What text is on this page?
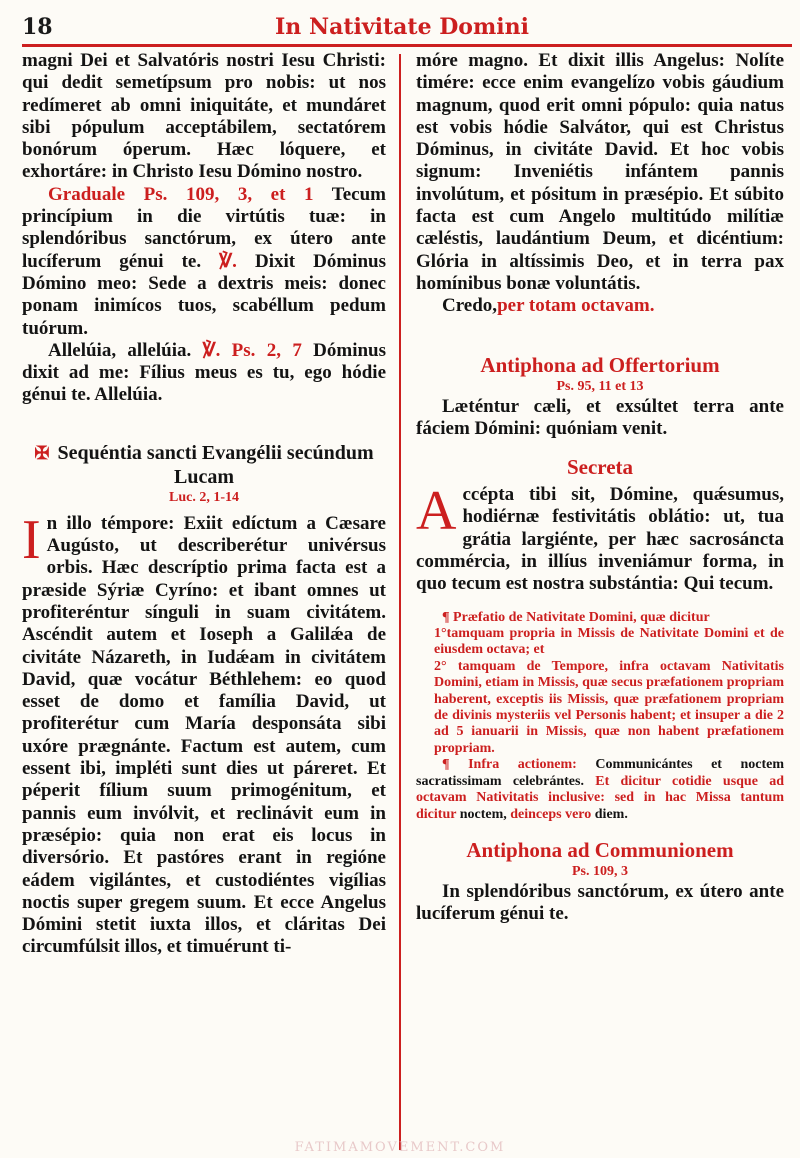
18	In Nativitate Domini

magni Dei et Salvatóris nostri Iesu Christi: qui dedit semetípsum pro nobis: ut nos redímeret ab omni iniquitáte, et mundáret sibi pópulum acceptábilem, sectatórem bonórum óperum. Hæc lóquere, et exhortáre: in Christo Iesu Dómino nostro.

Graduale Ps. 109, 3, et 1 Tecum princípium in die virtútis tuæ: in splendóribus sanctórum, ex útero ante lucíferum génui te. ℣. Dixit Dóminus Dómino meo: Sede a dextris meis: donec ponam inimícos tuos, scabéllum pedum tuórum.

Allelúia, allelúia. ℣. Ps. 2, 7 Dóminus dixit ad me: Fílius meus es tu, ego hódie génui te. Allelúia.

✠ Sequéntia sancti Evangélii secúndum Lucam
Luc. 2, 1-14

In illo témpore: Exiit edíctum a Cæsare Augústo, ut describerétur univérsus orbis. Hæc descríptio prima facta est a præside Sýriæ Cyríno: et ibant omnes ut profiteréntur sínguli in suam civitátem. Ascéndit autem et Ioseph a Galilǽa de civitáte Názareth, in Iudǽam in civitátem David, quæ vocátur Béthlehem: eo quod esset de domo et família David, ut profiterétur cum María desponsáta sibi uxóre prægnánte. Factum est autem, cum essent ibi, impléti sunt dies ut páreret. Et péperit fílium suum primogénitum, et pannis eum invólvit, et reclinávit eum in præsépio: quia non erat eis locus in diversório. Et pastóres erant in regióne eádem vigilántes, et custodiéntes vigílias noctis super gregem suum. Et ecce Angelus Dómini stetit iuxta illos, et cláritas Dei circumfúlsit illos, et timuérunt ti-

móre magno. Et dixit illis Angelus: Nolíte timére: ecce enim evangelízo vobis gáudium magnum, quod erit omni pópulo: quia natus est vobis hódie Salvátor, qui est Christus Dóminus, in civitáte David. Et hoc vobis signum: Inveniétis infántem pannis involútum, et pósitum in præsépio. Et súbito facta est cum Angelo multitúdo milítiæ cæléstis, laudántium Deum, et dicéntium: Glória in altíssimis Deo, et in terra pax homínibus bonæ voluntátis.

Credo,per totam octavam.

Antiphona ad Offertorium
Ps. 95, 11 et 13

Læténtur cæli, et exsúltet terra ante fáciem Dómini: quóniam venit.

Secreta

Accépta tibi sit, Dómine, quǽsumus, hodiérnæ festivitátis oblátio: ut, tua grátia largiénte, per hæc sacrosáncta commércia, in illíus inveniámur forma, in quo tecum est nostra substántia: Qui tecum.

¶ Præfatio de Nativitate Domini, quæ dicitur

1°tamquam propria in Missis de Nativitate Domini et de eiusdem octava; et

2° tamquam de Tempore, infra octavam Nativitatis Domini, etiam in Missis, quæ secus præfationem propriam haberent, exceptis iis Missis, quæ præfationem propriam de divinis mysteriis vel Personis habent; et insuper a die 2 ad 5 ianuarii in Missis, quæ non habent præfationem propriam.

¶ Infra actionem: Communicántes et noctem sacratissimam celebrántes. Et dicitur cotidie usque ad octavam Nativitatis inclusive: sed in hac Missa tantum dicitur noctem, deinceps vero diem.

Antiphona ad Communionem
Ps. 109, 3

In splendóribus sanctórum, ex útero ante lucíferum génui te.

FATIMAMOVEMENT.COM
